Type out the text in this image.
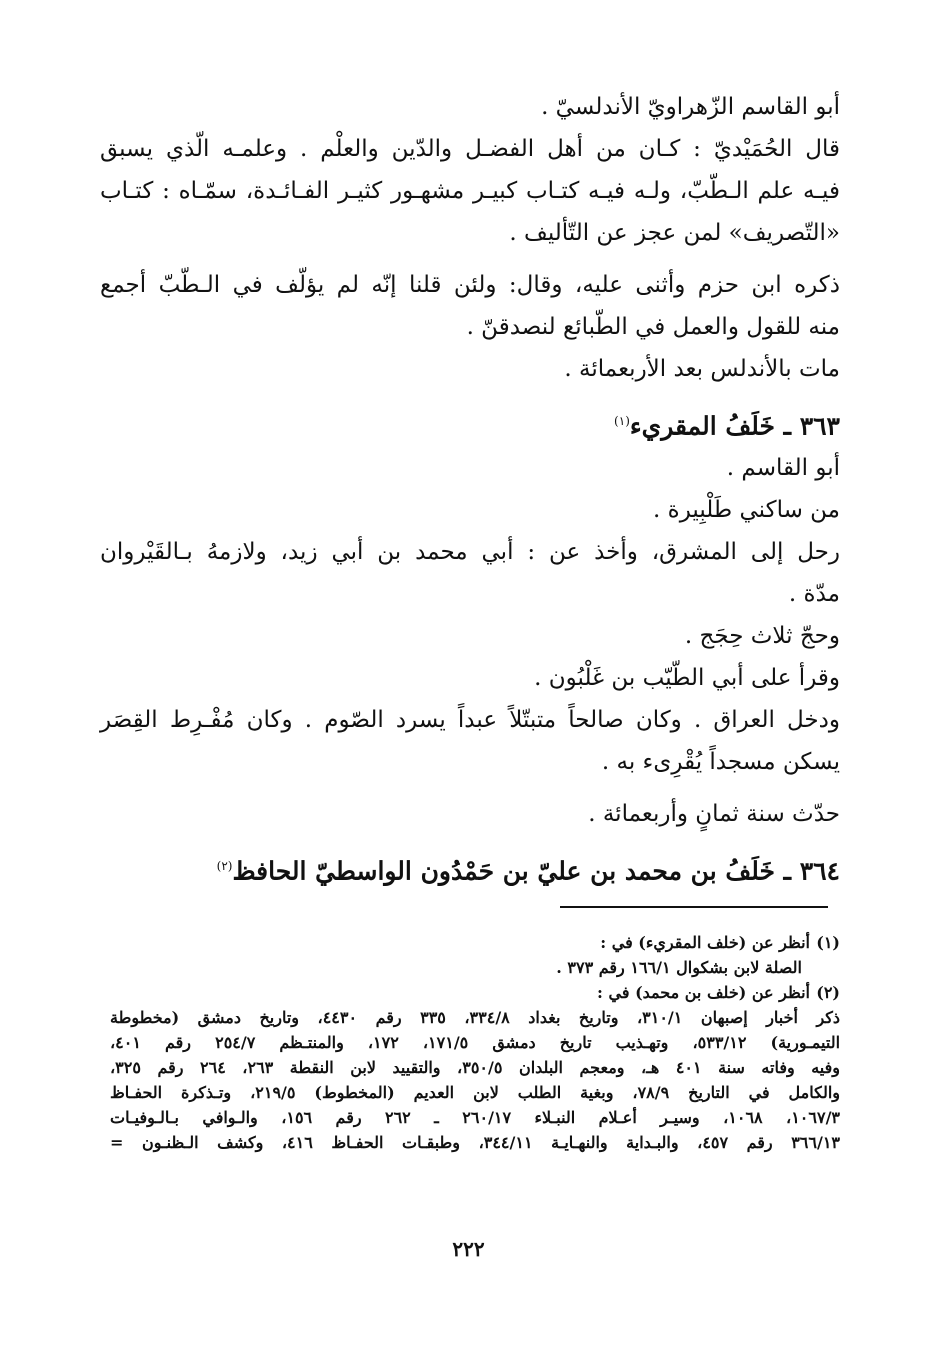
أبو القاسم الزّهراويّ الأندلسيّ .
قال الحُمَيْديّ : كـان من أهل الفضـل والدّين والعلْم . وعلمـه الّذي يسبق
فيـه علم الـطّبّ، ولـه فيـه كتـاب كبيـر مشهـور كثيـر الفـائـدة، سمّـاه : كتـاب
«التّصريف» لمن عجز عن التّأليف .
ذكره ابن حزم وأثنى عليه، وقال: ولئن قلنا إنّه لم يؤلّف في الـطّبّ أجمع
منه للقول والعمل في الطّبائع لنصدقنّ .
مات بالأندلس بعد الأربعمائة .
٣٦٣ ـ خَلَفُ المقريء$^{(١)}$
أبو القاسم .
من ساكني طَلْبِيرة .
رحل إلى المشرق، وأخذ عن : أبي محمد بن أبي زيد، ولازمهُ بـالقَيْروان
مدّة .
وحجّ ثلاث حِجَج .
وقرأ على أبي الطّيّب بن غَلْبُون .
ودخل العراق . وكان صالحاً متبتّلاً عبداً يسرد الصّوم . وكان مُفْـرِط القِصَر
يسكن مسجداً يُقْرِىء به .
حدّث سنة ثمانٍ وأربعمائة .
٣٦٤ ـ خَلَفُ بن محمد بن عليّ بن حَمْدُون الواسطيّ الحافظ$^{(٢)}$
(١)أنظر عن (خلف المقريء) في :
الصلة لابن بشكوال ١٦٦/١ رقم ٣٧٣ .
(٢)أنظر عن (خلف بن محمد) في :
ذكر أخبار إصبهان ٣١٠/١، وتاريخ بغداد ٣٣٤/٨، ٣٣٥ رقم ٤٤٣٠، وتاريخ دمشق (مخطوطة
التيمـورية) ٥٣٣/١٢، وتهـذيب تاريخ دمشق ١٧١/٥، ١٧٢، والمنتـظم ٢٥٤/٧ رقم ٤٠١،
وفيه وفاته سنة ٤٠١ هـ، ومعجم البلدان ٣٥٠/٥، والتقييد لابن النقطة ٢٦٣، ٢٦٤ رقم ٣٢٥،
والكامل في التاريخ ٧٨/٩، وبغية الطلب لابن العديم (المخطوط) ٢١٩/٥، وتـذكرة الحفـاظ
١٠٦٧/٣، ١٠٦٨، وسيـر أعـلام النبـلاء ٢٦٠/١٧ ـ ٢٦٢ رقم ١٥٦، والـوافي بـالـوفيـات
٣٦٦/١٣ رقم ٤٥٧، والبـداية والنهـايـة ٣٤٤/١١، وطبقـات الحفـاظ ٤١٦، وكشف الـظنـون =
٢٢٢
